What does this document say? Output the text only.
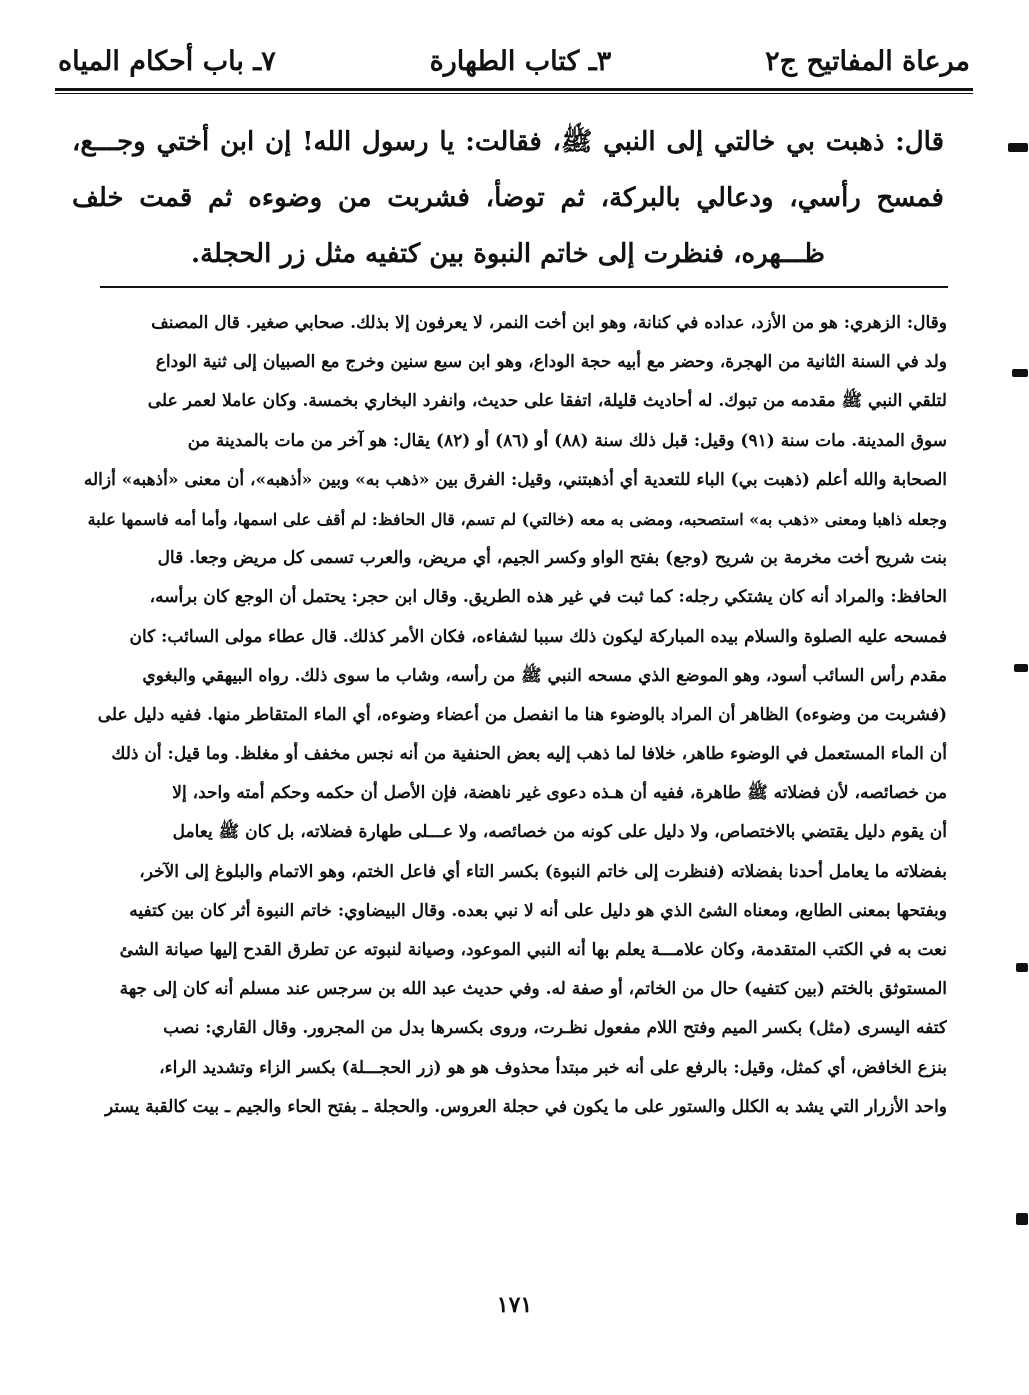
مرعاة المفاتيح ج٢
٣ـ كتاب الطهارة
٧ـ باب أحكام المياه

قال: ذهبت بي خالتي إلى النبي ﷺ، فقالت: يا رسول الله! إن ابن أختي وجـــع، فمسح رأسي، ودعالي بالبركة، ثم توضأ، فشربت من وضوءه ثم قمت خلف ظـــهره، فنظرت إلى خاتم النبوة بين كتفيه مثل زر الحجلة.

وقال: الزهري: هو من الأزد، عداده في كنانة، وهو ابن أخت النمر، لا يعرفون إلا بذلك. صحابي صغير. قال المصنف
ولد في السنة الثانية من الهجرة، وحضر مع أبيه حجة الوداع، وهو ابن سبع سنين وخرج مع الصبيان إلى ثنية الوداع
لتلقي النبي ﷺ مقدمه من تبوك. له أحاديث قليلة، اتفقا على حديث، وانفرد البخاري بخمسة. وكان عاملا لعمر على
سوق المدينة. مات سنة (٩١) وقيل: قبل ذلك سنة (٨٨) أو (٨٦) أو (٨٢) يقال: هو آخر من مات بالمدينة من
الصحابة والله أعلم (ذهبت بي) الباء للتعدية أي أذهبتني، وقيل: الفرق بين «ذهب به» وبين «أذهبه»، أن معنى «أذهبه» أزاله
وجعله ذاهبا ومعنى «ذهب به» استصحبه، ومضى به معه (خالتي) لم تسم، قال الحافظ: لم أقف على اسمها، وأما أمه فاسمها علبة
بنت شريح أخت مخرمة بن شريح (وجع) بفتح الواو وكسر الجيم، أي مريض، والعرب تسمى كل مريض وجعا. قال
الحافظ: والمراد أنه كان يشتكي رجله: كما ثبت في غير هذه الطريق. وقال ابن حجر: يحتمل أن الوجع كان برأسه،
فمسحه عليه الصلوة والسلام بيده المباركة ليكون ذلك سببا لشفاءه، فكان الأمر كذلك. قال عطاء مولى السائب: كان
مقدم رأس السائب أسود، وهو الموضع الذي مسحه النبي ﷺ من رأسه، وشاب ما سوى ذلك. رواه البيهقي والبغوي
(فشربت من وضوءه) الظاهر أن المراد بالوضوء هنا ما انفصل من أعضاء وضوءه، أي الماء المتقاطر منها. ففيه دليل على
أن الماء المستعمل في الوضوء طاهر، خلافا لما ذهب إليه بعض الحنفية من أنه نجس مخفف أو مغلظ. وما قيل: أن ذلك
من خصائصه، لأن فضلاته ﷺ طاهرة، ففيه أن هـذه دعوى غير ناهضة، فإن الأصل أن حكمه وحكم أمته واحد، إلا
أن يقوم دليل يقتضي بالاختصاص، ولا دليل على كونه من خصائصه، ولا عـــلى طهارة فضلاته، بل كان ﷺ يعامل
بفضلاته ما يعامل أحدنا بفضلاته (فنظرت إلى خاتم النبوة) بكسر التاء أي فاعل الختم، وهو الاتمام والبلوغ إلى الآخر،
وبفتحها بمعنى الطابع، ومعناه الشئ الذي هو دليل على أنه لا نبي بعده. وقال البيضاوي: خاتم النبوة أثر كان بين كتفيه
نعت به في الكتب المتقدمة، وكان علامـــة يعلم بها أنه النبي الموعود، وصيانة لنبوته عن تطرق القدح إليها صيانة الشئ
المستوثق بالختم (بين كتفيه) حال من الخاتم، أو صفة له. وفي حديث عبد الله بن سرجس عند مسلم أنه كان إلى جهة
كتفه اليسرى (مثل) بكسر الميم وفتح اللام مفعول نظـرت، وروى بكسرها بدل من المجرور. وقال القاري: نصب
بنزع الخافض، أي كمثل، وقيل: بالرفع على أنه خبر مبتدأ محذوف هو هو (زر الحجـــلة) بكسر الزاء وتشديد الراء،
واحد الأزرار التي يشد به الكلل والستور على ما يكون في حجلة العروس. والحجلة ـ بفتح الحاء والجيم ـ بيت كالقبة يستر
١٧١
